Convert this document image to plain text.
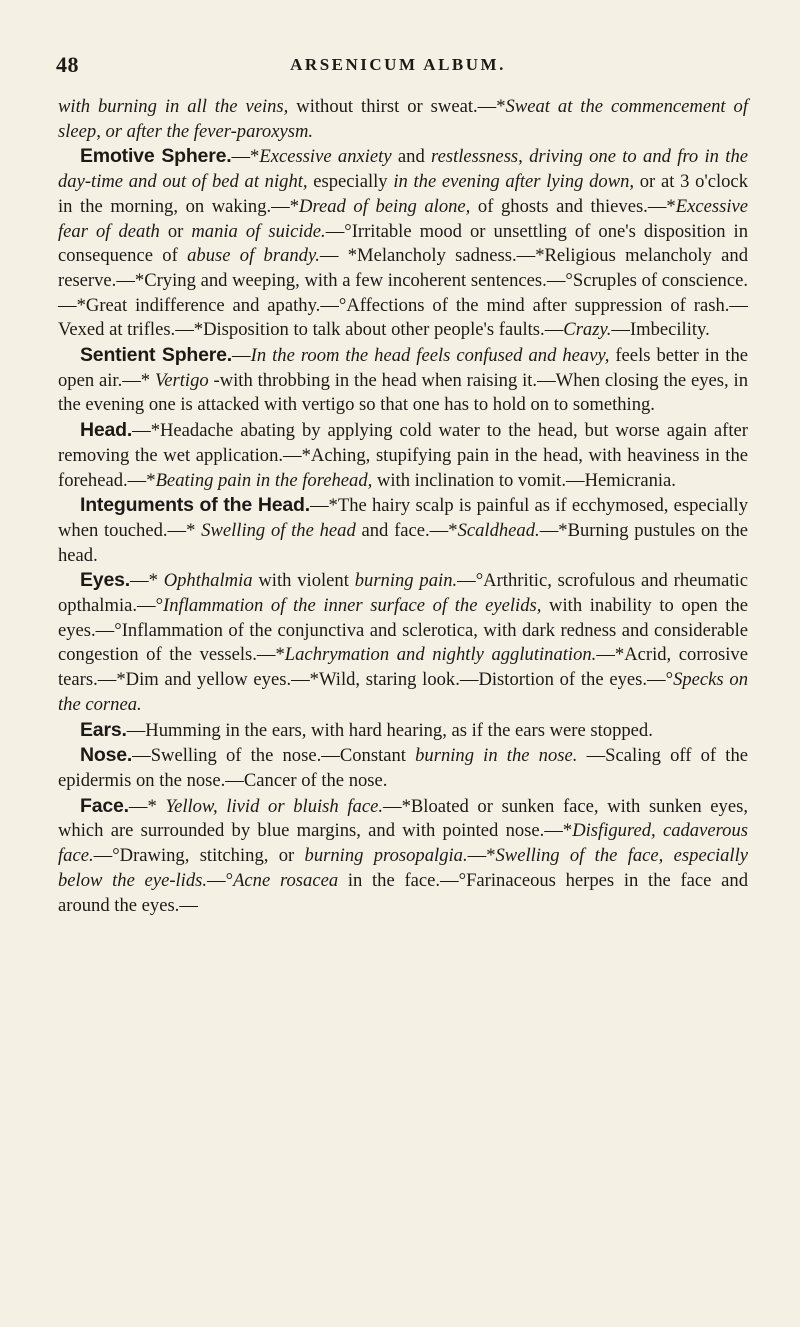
48	ARSENICUM ALBUM.

with burning in all the veins, without thirst or sweat.—*Sweat at the commencement of sleep, or after the fever-paroxysm.

Emotive Sphere.—*Excessive anxiety and restlessness, driving one to and fro in the day-time and out of bed at night, especially in the evening after lying down, or at 3 o'clock in the morning, on waking.—*Dread of being alone, of ghosts and thieves.—*Excessive fear of death or mania of suicide.—°Irritable mood or unsettling of one's disposition in consequence of abuse of brandy.— *Melancholy sadness.—*Religious melancholy and reserve.—*Crying and weeping, with a few incoherent sentences.—°Scruples of conscience.—*Great indifference and apathy.—°Affections of the mind after suppression of rash.—Vexed at trifles.—*Disposition to talk about other people's faults.—Crazy.—Imbecility.

Sentient Sphere.—In the room the head feels confused and heavy, feels better in the open air.—* Vertigo -with throbbing in the head when raising it.—When closing the eyes, in the evening one is attacked with vertigo so that one has to hold on to something.

Head.—*Headache abating by applying cold water to the head, but worse again after removing the wet application.—*Aching, stupifying pain in the head, with heaviness in the forehead.—*Beating pain in the forehead, with inclination to vomit.—Hemicrania.

Integuments of the Head.—*The hairy scalp is painful as if ecchymosed, especially when touched.—* Swelling of the head and face.—*Scaldhead.—*Burning pustules on the head.

Eyes.—* Ophthalmia with violent burning pain.—°Arthritic, scrofulous and rheumatic opthalmia.—°Inflammation of the inner surface of the eyelids, with inability to open the eyes.—°Inflammation of the conjunctiva and sclerotica, with dark redness and considerable congestion of the vessels.—*Lachrymation and nightly agglutination.—*Acrid, corrosive tears.—*Dim and yellow eyes.—*Wild, staring look.—Distortion of the eyes.—°Specks on the cornea.

Ears.—Humming in the ears, with hard hearing, as if the ears were stopped.

Nose.—Swelling of the nose.—Constant burning in the nose. —Scaling off of the epidermis on the nose.—Cancer of the nose.

Face.—* Yellow, livid or bluish face.—*Bloated or sunken face, with sunken eyes, which are surrounded by blue margins, and with pointed nose.—*Disfigured, cadaverous face.—°Drawing, stitching, or burning prosopalgia.—*Swelling of the face, especially below the eye-lids.—°Acne rosacea in the face.—°Farinaceous herpes in the face and around the eyes.—
